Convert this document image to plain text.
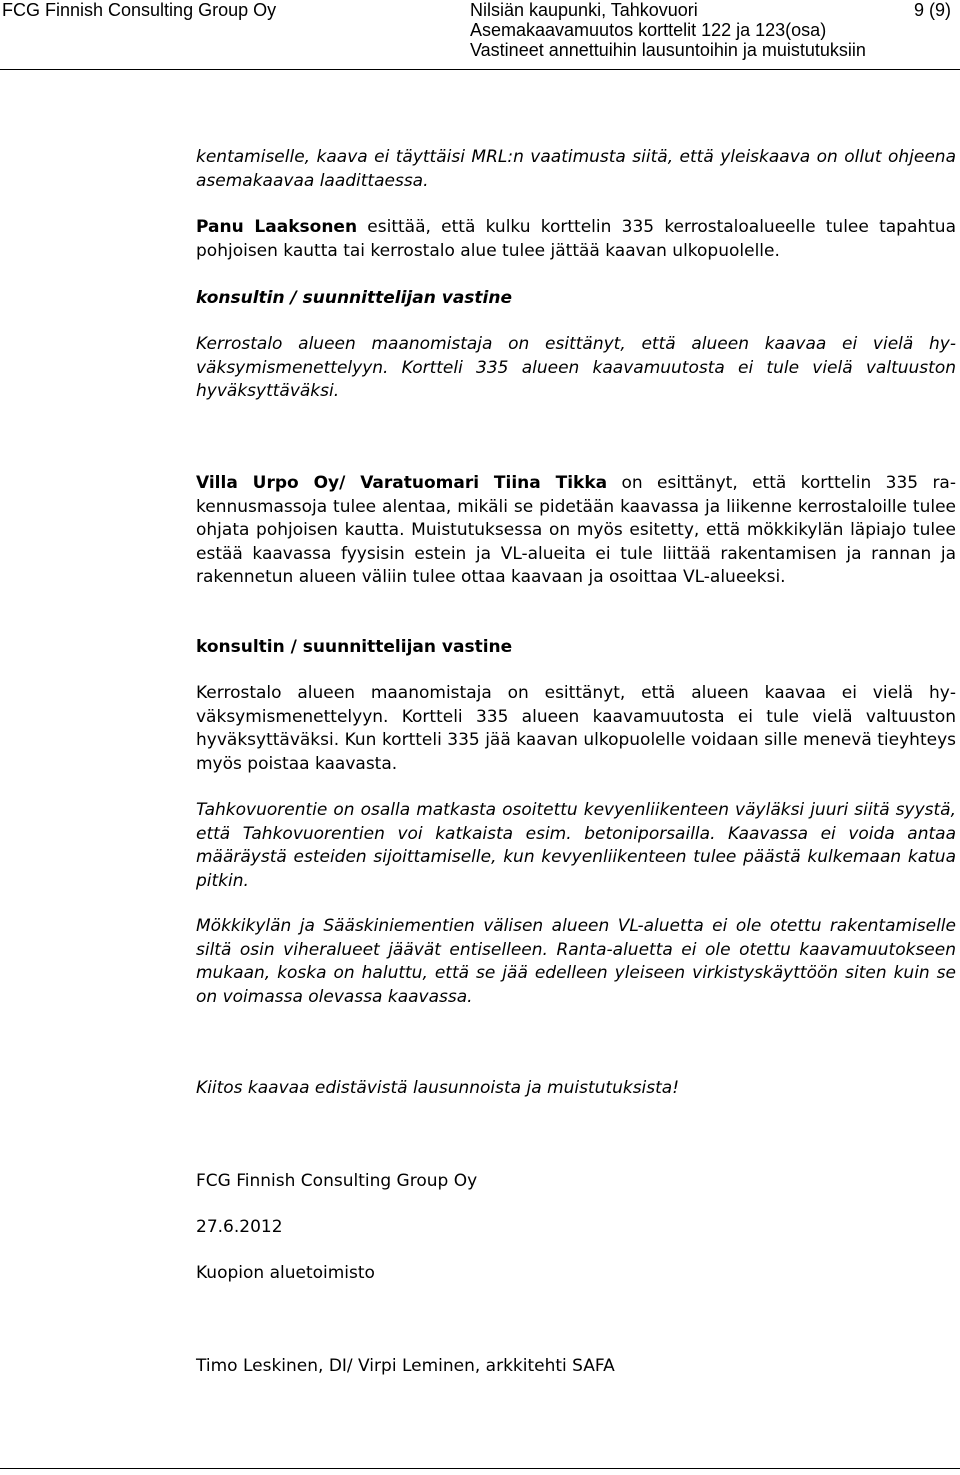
FCG Finnish Consulting Group Oy	Nilsiän kaupunki, Tahkovuori
Asemakaavamuutos korttelit 122 ja 123(osa)
Vastineet annettuihin lausuntoihin ja muistutuksiin
9 (9)
kentamiselle, kaava ei täyttäisi MRL:n vaatimusta siitä, että yleiskaava on ollut ohjeena asemakaavaa laadittaessa.
Panu Laaksonen esittää, että kulku korttelin 335 kerrostaloalueelle tulee tapahtua pohjoisen kautta tai kerrostalo alue tulee jättää kaavan ulkopuolelle.
konsultin / suunnittelijan vastine
Kerrostalo alueen maanomistaja on esittänyt, että alueen kaavaa ei vielä hyväksymismenettelyyn. Kortteli 335 alueen kaavamuutosta ei tule vielä valtuuston hyväksyttäväksi.
Villa Urpo Oy/ Varatuomari Tiina Tikka on esittänyt, että korttelin 335 rakennusmassoja tulee alentaa, mikäli se pidetään kaavassa ja liikenne kerrostaloille tulee ohjata pohjoisen kautta. Muistutuksessa on myös esitetty, että mökkikylän läpiajo tulee estää kaavassa fyysisin estein ja VL-alueita ei tule liittää rakentamisen ja rannan ja rakennetun alueen väliin tulee ottaa kaavaan ja osoittaa VL-alueeksi.
konsultin / suunnittelijan vastine
Kerrostalo alueen maanomistaja on esittänyt, että alueen kaavaa ei vielä hyväksymismenettelyyn. Kortteli 335 alueen kaavamuutosta ei tule vielä valtuuston hyväksyttäväksi. Kun kortteli 335 jää kaavan ulkopuolelle voidaan sille menevä tieyhteys myös poistaa kaavasta.
Tahkovuorentie on osalla matkasta osoitettu kevyenliikenteen väyläksi juuri siitä syystä, että Tahkovuorentien voi katkaista esim. betoniporsailla. Kaavassa ei voida antaa määräystä esteiden sijoittamiselle, kun kevyenliikenteen tulee päästä kulkemaan katua pitkin.
Mökkikylän ja Sääskiniementien välisen alueen VL-aluetta ei ole otettu rakentamiselle siltä osin viheralueet jäävät entiselleen. Ranta-aluetta ei ole otettu kaavamuutokseen mukaan, koska on haluttu, että se jää edelleen yleiseen virkistyskäyttöön siten kuin se on voimassa olevassa kaavassa.
Kiitos kaavaa edistävistä lausunnoista ja muistutuksista!
FCG Finnish Consulting Group Oy
27.6.2012
Kuopion aluetoimisto
Timo Leskinen, DI/ Virpi Leminen, arkkitehti SAFA
